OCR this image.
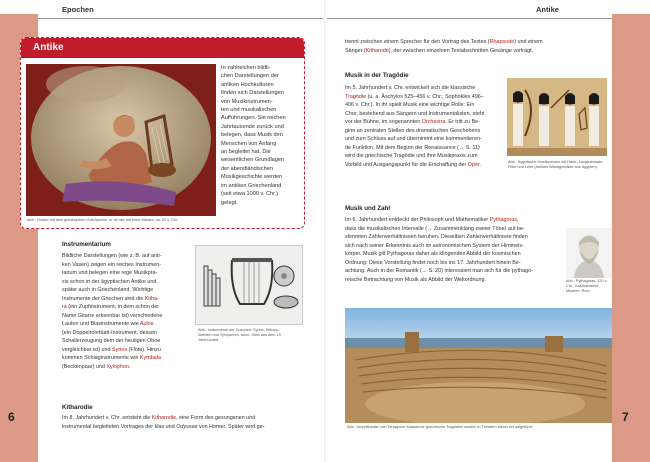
Epochen	Antike
6	7
Antike
Abb.: Fresko mit dem griechischen Gott Apollon, er ist hier mit einer Kithara, ca. 20 v. Chr.
In zahlreichen bildli-
chen Darstellungen der
antiken Hochkulturen
finden sich Darstellungen
von Musikinstrumen-
ten und musikalischen
Aufführungen. Sie reichen
Jahrtausende zurück und
belegen, dass Musik den
Menschen von Anfang
an begleitet hat. Die
wesentlichen Grundlagen
der abendländischen
Musikgeschichte werden
im antiken Griechenland
(seit etwa 1000 v. Chr.)
gelegt.
Instrumentarium
Bildliche Darstellungen (wie z. B. auf anti-
ken Vasen) zeigen ein reiches Instrumen-
tarium und belegen eine rege Musikpra-
xis schon in der ägyptischen Antike und
später auch in Griechenland. Wichtige
Instrumente der Griechen sind die Kitha-
ra (ein Zupfinstrument, in dem schon der
Name Gitarre erkennbar ist) verschiedene
Lauten und Blasinstrumente wie Aulos
(ein Doppelrohrblatt-Instrument, dessen
Schallerzeugung dem der heutigen Oboe
vergleichbar ist) und Syrinx (Flöte). Hinzu
kommen Schlaginstrumente wie Kymbala
(Beckenpaar) und Xylophon.
Abb.: Instrumente der Griechen: Syrinx, Kithara, Zimbeln und Tympanum, anon. Stich aus dem 19. Jahrhundert
Kitharodie
Im 8. Jahrhundert v. Chr. entsteht die Kitharodie, eine Form des gesungenen und
instrumental begleiteten Vortrages der Ilias und Odyssee von Homer. Später wird ge-
trennt zwischen einem Sprecher für den Vortrag des Textes (Rhapsode) und einem
Sänger (Kitharode), der zwischen einzelnen Textabschnitten Gesänge vorträgt.
Musik in der Tragödie
Im 5. Jahrhundert v. Chr. entwickelt sich die klassische
Tragödie (u. a. Äschylos 525–456 v. Chr.; Sophokles 496–
406 v. Chr.). In ihr spielt Musik eine wichtige Rolle: Ein
Chor, bestehend aus Sängern und Instrumentalisten, steht
vor der Bühne, im sogenannten Orchestra. Er tritt zu Be-
ginn an zentralen Stellen des dramatischen Geschehens
und zum Schluss auf und übernimmt eine kommentieren-
de Funktion. Mit dem Beginn der Renaissance (→ S. 11)
wird die griechische Tragödie und ihre Musikpraxis zum
Vorbild und Ausgangspunkt für die Erschaffung der Oper.	Abb.: Ägyptische Musikerinnen mit Harfe, Langhalslaute, Flöte und Leier (Antikes Wandgemälde aus Ägypten)
Musik und Zahl
Im 6. Jahrhundert entdeckt der Philosoph und Mathematiker Pythagoras,
dass die musikalischen Intervalle (→ Zusammenklang zweier Töne) auf be-
stimmten Zahlenverhältnissen beruhen. Dieselben Zahlenverhältnisse finden
sich nach seiner Erkenntnis auch im astronomischen System der Himmels-
körper. Musik gilt Pythagoras daher als klingendes Abbild der kosmischen
Ordnung: Diese Vorstellung findet noch bis ins 17. Jahrhundert hinein Be-
achtung. Auch in der Romantik (→ S. 20) interessiert man sich für die pythago-
reische Betrachtung von Musik als Abbild der Weltordnung.	Abb.: Pythagoras, 120 v. Chr., Kapitolinische Museen, Rom
Abb.: Amphitheater von Tarragona: Klassische griechische Tragödien wurden in Theatern dieser Art aufgeführt
